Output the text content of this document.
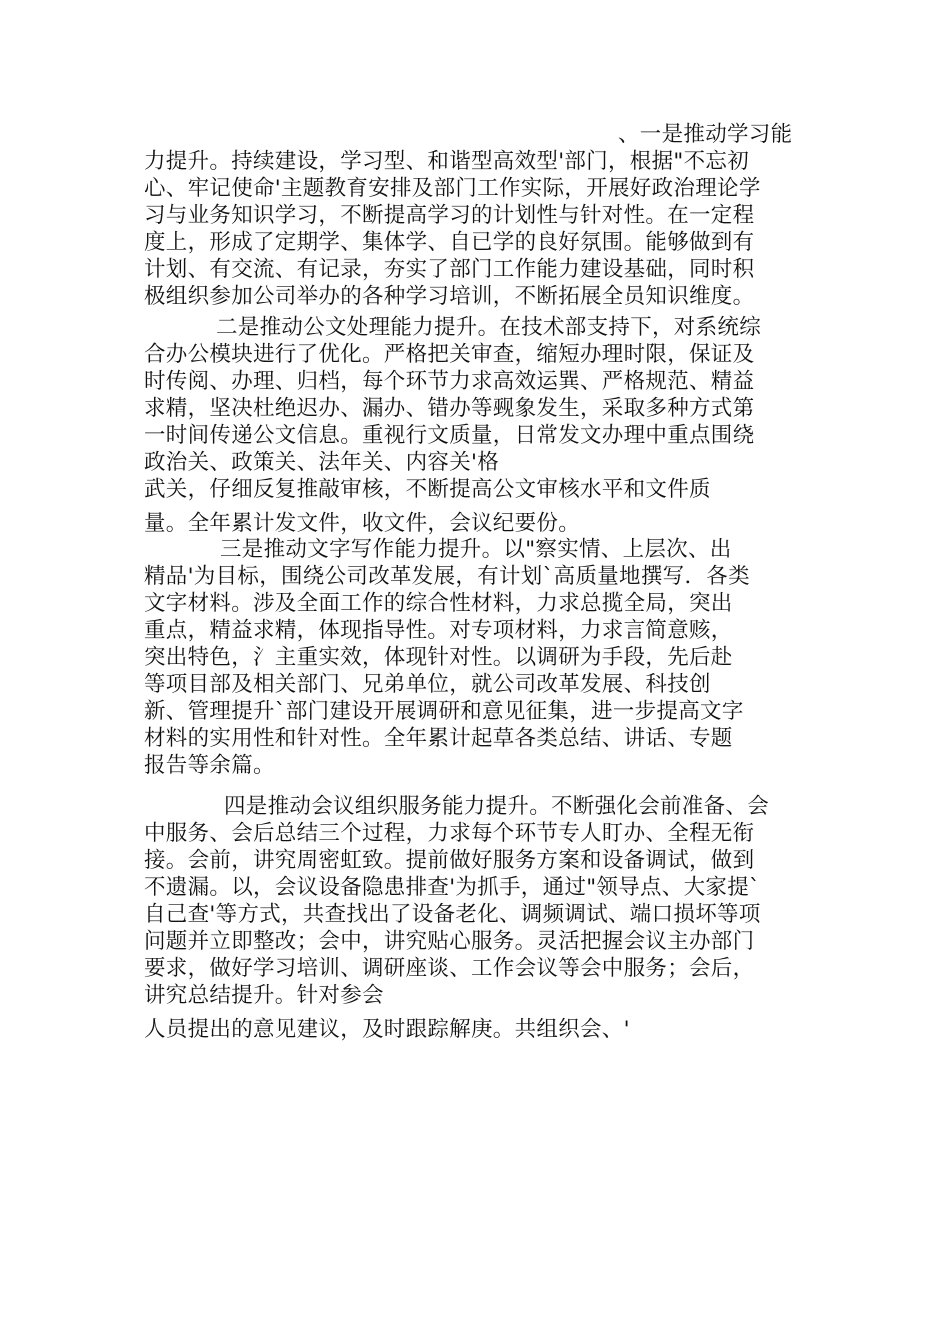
、一是推动学习能
力提升。持续建设，学习型、和谐型高效型'部门，根据"不忘初
心、牢记使命'主题教育安排及部门工作实际，开展好政治理论学
习与业务知识学习，不断提高学习的计划性与针对性。在一定程
度上，形成了定期学、集体学、自已学的良好氛围。能够做到有
计划、有交流、有记录，夯实了部门工作能力建设基础，同时积
极组织参加公司举办的各种学习培训，不断拓展全员知识维度。
二是推动公文处理能力提升。在技术部支持下，对系统综
合办公模块进行了优化。严格把关审查，缩短办理时限，保证及
时传阅、办理、归档，每个环节力求高效运巽、严格规范、精益
求精，坚决杜绝迟办、漏办、错办等觋象发生，采取多种方式第
一时间传递公文信息。重视行文质量，日常发文办理中重点围绕
政治关、政策关、法年关、内容关'格
武关，仔细反复推敲审核，不断提高公文审核水平和文件质
量。全年累计发文件，收文件，会议纪要份。
三是推动文字写作能力提升。以"察实情、上层次、出
精品'为目标，围绕公司改革发展，有计划`高质量地撰写．各类
文字材料。涉及全面工作的综合性材料，力求总揽全局，突出
重点，精益求精，体现指导性。对专项材料，力求言简意赅，
突出特色，氵主重实效，体现针对性。以调研为手段，先后赴
等项目部及相关部门、兄弟单位，就公司改革发展、科技创
新、管理提升`部门建设开展调研和意见征集，进一步提高文字
材料的实用性和针对性。全年累计起草各类总结、讲话、专题
报告等余篇。
四是推动会议组织服务能力提升。不断强化会前准备、会
中服务、会后总结三个过程，力求每个环节专人盯办、全程无衔
接。会前，讲究周密虹致。提前做好服务方案和设备调试，做到
不遗漏。以，会议设备隐患排查'为抓手，通过"领导点、大家提`
自己查'等方式，共查找出了设备老化、调频调试、端口损坏等项
问题并立即整改；会中，讲究贴心服务。灵活把握会议主办部门
要求，做好学习培训、调研座谈、工作会议等会中服务；会后，
讲究总结提升。针对参会
人员提出的意见建议，及时跟踪解庚。共组织会、'
